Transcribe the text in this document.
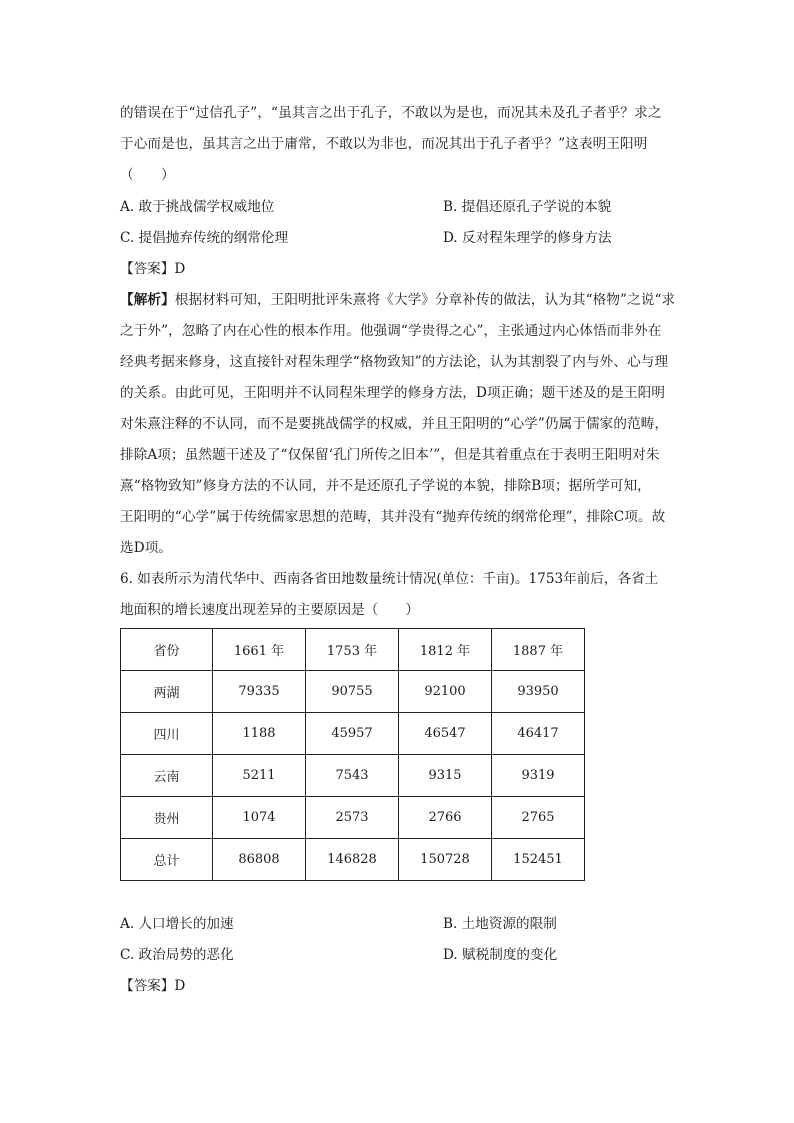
的错误在于“过信孔子”，“虽其言之出于孔子，不敢以为是也，而况其未及孔子者乎？求之
于心而是也，虽其言之出于庸常，不敢以为非也，而况其出于孔子者乎？”这表明王阳明
（　　）
A. 敢于挑战儒学权威地位	B. 提倡还原孔子学说的本貌
C. 提倡抛弃传统的纲常伦理	D. 反对程朱理学的修身方法
【答案】D
【解析】根据材料可知，王阳明批评朱熹将《大学》分章补传的做法，认为其“格物”之说“求
之于外”，忽略了内在心性的根本作用。他强调“学贵得之心”，主张通过内心体悟而非外在
经典考据来修身，这直接针对程朱理学“格物致知”的方法论，认为其割裂了内与外、心与理
的关系。由此可见，王阳明并不认同程朱理学的修身方法，D项正确；题干述及的是王阳明
对朱熹注释的不认同，而不是要挑战儒学的权威，并且王阳明的“心学”仍属于儒家的范畴，
排除A项；虽然题干述及了“仅保留‘孔门所传之旧本’”，但是其着重点在于表明王阳明对朱
熹“格物致知”修身方法的不认同，并不是还原孔子学说的本貌，排除B项；据所学可知，
王阳明的“心学”属于传统儒家思想的范畴，其并没有“抛弃传统的纲常伦理”，排除C项。故
选D项。
6. 如表所示为清代华中、西南各省田地数量统计情况(单位：千亩)。1753年前后，各省土
地面积的增长速度出现差异的主要原因是（　　）
省份	1661 年	1753 年	1812 年	1887 年
两湖	79335	90755	92100	93950
四川	1188	45957	46547	46417
云南	5211	7543	9315	9319
贵州	1074	2573	2766	2765
总计	86808	146828	150728	152451
A. 人口增长的加速	B. 土地资源的限制
C. 政治局势的恶化	D. 赋税制度的变化
【答案】D
